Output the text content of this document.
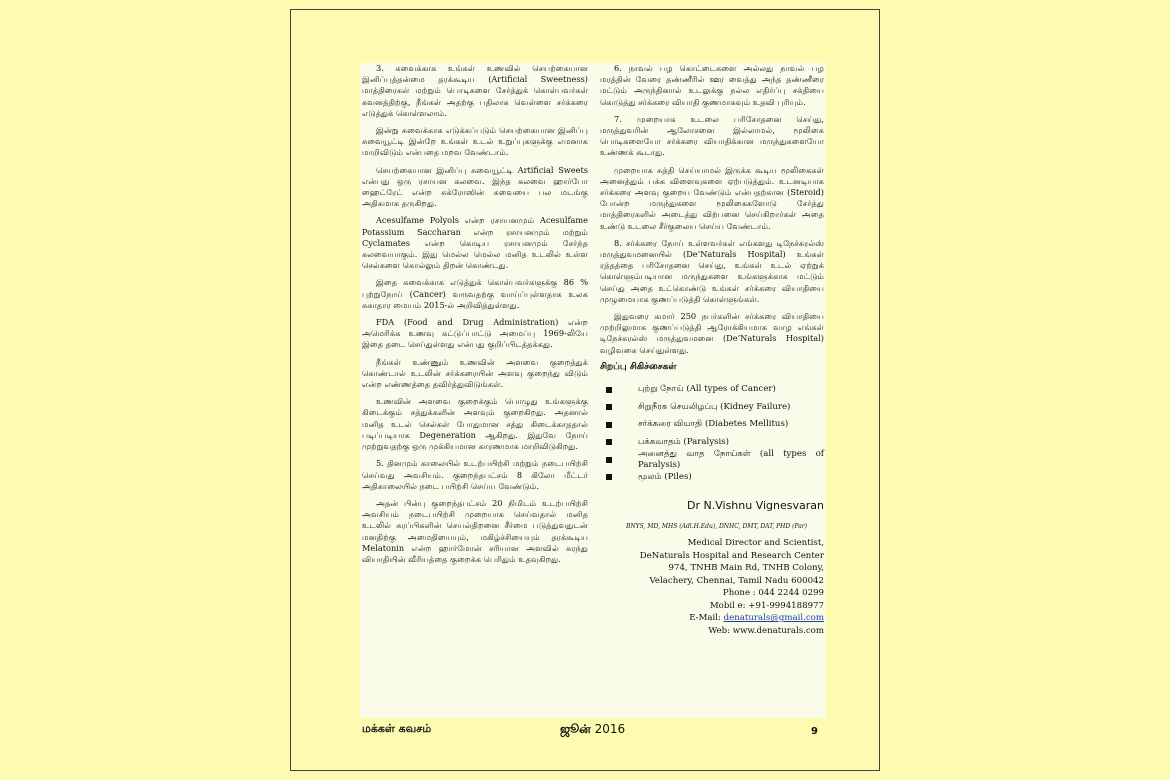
3. சுவைக்காக உங்கள் உணவில் செயற்கையான இனிப்புத்தன்மை தரக்கூடிய (Artificial Sweetness) மாத்திரைகள் மற்றும் பொடிகளை சேர்த்துக் கொள்பவர்கள் கவனத்திற்கு, நீங்கள் அதற்கு பதிலாக வெள்ளை சர்க்கரை எடுத்துக் கொள்ளலாம்.

இன்று சுவைக்காக எடுக்கப்படும் செயற்கையான இனிப்பு சுவையூட்டி இன்றே உங்கள் உடல் உறுப்புகளுக்கு எமனாக மாறிவிடும் என்பதை மறவ வேண்டாம்.

செயற்கையான இனிப்பு சுவையூட்டி Artificial Sweets என்பது ஒரு ரசாயன கலவை. இந்த கலவை ஹார்போ ஹைட்ரேட் என்ற சுக்ரோஸின் சுவையை பல மடங்கு அதிகமாக தருகிறது.

Acesulfame Polyols என்ற ரசாயனமும் Acesulfame Potassium Saccharan என்ற ரசாயனமும் மற்றும் Cyclamates என்ற கொடிய ரசாயனமும் சேர்ந்த கலவையாகும். இது மெல்ல மெல்ல மனித உடலில் உள்ள செல்களை கொல்லும் திறன் கொண்டது.

இதை சுவைக்காக எடுத்துக் கொள்பவர்களுக்கு 86 % புற்றுநோய் (Cancer) வருவதற்கு வாய்ப்புள்ளதாக உலக சுகாதார மையம் 2015-ல் அறிவித்துள்ளது.

FDA (Food and Drug Administration) என்ற அமெரிக்க உணவு கட்டுப்பாட்டு அமைப்பு 1969-லியே இதை தடை செய்துள்ளது என்பது குறிப்பிடத்தக்கது.

நீங்கள் உண்ணும் உணவின் அளவை குறைத்துக் கொண்டால் உடலின் சர்க்கரையின் அளவு குறைந்து விடும் என்ற எண்ணத்தை தவிர்த்துவிடுங்கள்.

உணவின் அளவை குறைக்கும் பொழுது உங்களுக்கு கிடைக்கும் சத்துக்களின் அளவும் குறைகிறது. அதனால் மனித உடல் செல்கள் போதுமான சத்து கிடைக்காததால் படிப்படியாக Degeneration ஆகிறது. இதுவே நோய் முற்றுவதற்கு ஒரு முக்கியமான காரணமாக மாறிவிடுகிறது.

5. தினமும் காலையில் உடற்பயிற்சி மற்றும் நடைபயிற்சி செய்வது அவசியம். குறைந்தபட்சம் 8 கிலோ மீட்டர் அதிகாலையில் நடை பயிற்சி செய்ய வேண்டும்.

அதன் பின்பு குறைந்தபட்சம் 20 நிமிடம் உடற்பயிற்சி அவசியம் நடைபயிற்சி முறையாக செய்வதால் மனித உடலில் சுரப்பிகளின் செயல்திறனை சீர்மை படுத்துவதுடன் மனதிற்கு அமைதியையும், மகிழ்ச்சியையும் தரக்கூடிய Melatonin என்ற ஹார்மோன் சரியான அளவில் சுரந்து வியாதியின் வீரியத்தை குறைக்க பெரிதும் உதவுகிறது.

6. நாவல் பழ கொட்டைகளை அல்லது நாவல் பழ மரத்தின் வேரை தண்ணீரில் ஊர வைத்து அந்த தண்ணீரை மட்டும் அருந்தினால் உடலுக்கு நல்ல எதிர்ப்பு சக்தியை கொடுத்து சர்க்கரை வியாதி குணமாகவும் உதவி புரியும்.

7. முறையாக உடலை பரிசோதனை செய்து, மருத்துவரின் ஆலோசனை இல்லாமல், மூலிகை பொடிகளையோ சர்க்கரை வியாதிக்கான மருந்துகளையோ உண்ணக் கூடாது.

முறையாக சுத்தி செய்யாமல் இருக்க கூடிய மூலிகைகள் அனைத்தும் பக்க விளைவுகளை ஏற்படுத்தும். உடனடியாக சர்க்கரை அளவு குறைய வேண்டும் என்பதற்கான (Steroid) போன்ற மருந்துகளை மூலிகைகளோடு சேர்த்து மாத்திரைகளில் அடைத்து விற்பனை செய்கிறார்கள் அதை உண்டு உடலை சீர்குலைய செய்ய வேண்டாம்.

8. சர்க்கரை நோய் உள்ளவர்கள் எங்களது டிநேச்சுரல்ஸ் மருத்துவமனையில் (De’Naturals Hospital) உங்கள் ரத்தத்தை பரிசோதனை செய்து, உங்கள் உடல் ஏற்றுக் கொள்ளும்படியான மருந்துகளை உங்களுக்காக மட்டும் செய்து அதை உட்கொண்டு உங்கள் சர்க்கரை வியாதியை முழுமையாக குணப்படுத்தி கொள்ளுங்கள்.

இதுவரை சுமார் 250 நபர்களின் சர்க்கரை வியாதியை முற்றிலுமாக குணப்படுத்தி ஆரோக்கியமாக வாழ எங்கள் டிநேச்சுரல்ஸ் மருத்துவமனை (De’Naturals Hospital) வழிவகை செய்துள்ளது.

சிறப்பு சிகிச்சைகள்
புற்று நோய் (All types of Cancer)
சிறுநீரக செயலிழப்பு (Kidney Failure)
சர்க்கரை வியாதி (Diabetes Mellitus)
பக்கவாதம் (Paralysis)
அனைத்து வாத நோய்கள் (all types of Paralysis)
மூலம் (Piles)
Dr N.Vishnu Vignesvaran
BNYS, MD, MHS (Adl.H.Edu), DNHC, DMT, DAT, PHD (Par)
Medical Director and Scientist,
DeNaturals Hospital and Research Center
974, TNHB Main Rd, TNHB Colony,
Velachery, Chennai, Tamil Nadu 600042
Phone : 044 2244 0299
Mobil e: +91-9994188977
E-Mail: denaturals@gmail.com
Web: www.denaturals.com
மக்கள் கவசம்	ஜூன் 2016	9
